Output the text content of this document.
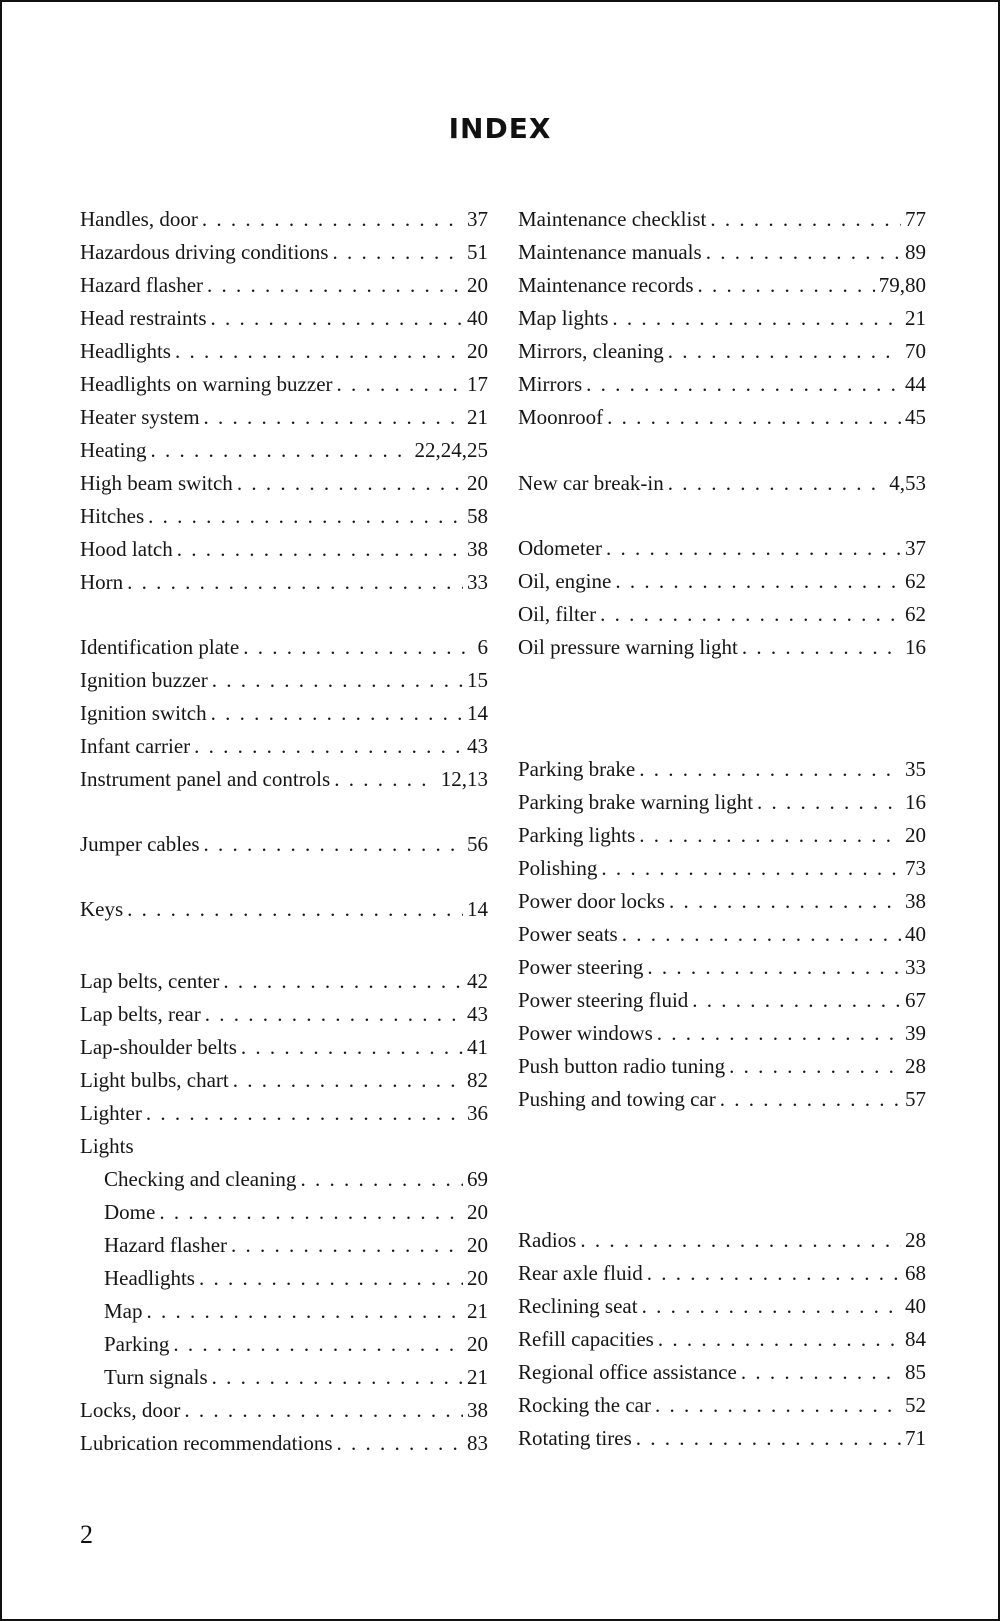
INDEX
Handles, door . . .	37
Hazardous driving conditions . . .	51
Hazard flasher . . .	20
Head restraints . . .	40
Headlights . . .	20
Headlights on warning buzzer . . .	17
Heater system . . .	21
Heating . . .	22,24,25
High beam switch . . .	20
Hitches . . .	58
Hood latch . . .	38
Horn . . .	33
Identification plate . . .	6
Ignition buzzer . . .	15
Ignition switch . . .	14
Infant carrier . . .	43
Instrument panel and controls . . .	12,13
Jumper cables . . .	56
Keys . . .	14
Lap belts, center . . .	42
Lap belts, rear . . .	43
Lap-shoulder belts . . .	41
Light bulbs, chart . . .	82
Lighter . . .	36
Lights
Checking and cleaning . . .	69
Dome . . .	20
Hazard flasher . . .	20
Headlights . . .	20
Map . . .	21
Parking . . .	20
Turn signals . . .	21
Locks, door . . .	38
Lubrication recommendations . . .	83
Maintenance checklist . . .	77
Maintenance manuals . . .	89
Maintenance records . . .	79,80
Map lights . . .	21
Mirrors, cleaning . . .	70
Mirrors . . .	44
Moonroof . . .	45
New car break-in . . .	4,53
Odometer . . .	37
Oil, engine . . .	62
Oil, filter . . .	62
Oil pressure warning light . . .	16
Parking brake . . .	35
Parking brake warning light . . .	16
Parking lights . . .	20
Polishing . . .	73
Power door locks . . .	38
Power seats . . .	40
Power steering . . .	33
Power steering fluid . . .	67
Power windows . . .	39
Push button radio tuning . . .	28
Pushing and towing car . . .	57
Radios . . .	28
Rear axle fluid . . .	68
Reclining seat . . .	40
Refill capacities . . .	84
Regional office assistance . . .	85
Rocking the car . . .	52
Rotating tires . . .	71
2
